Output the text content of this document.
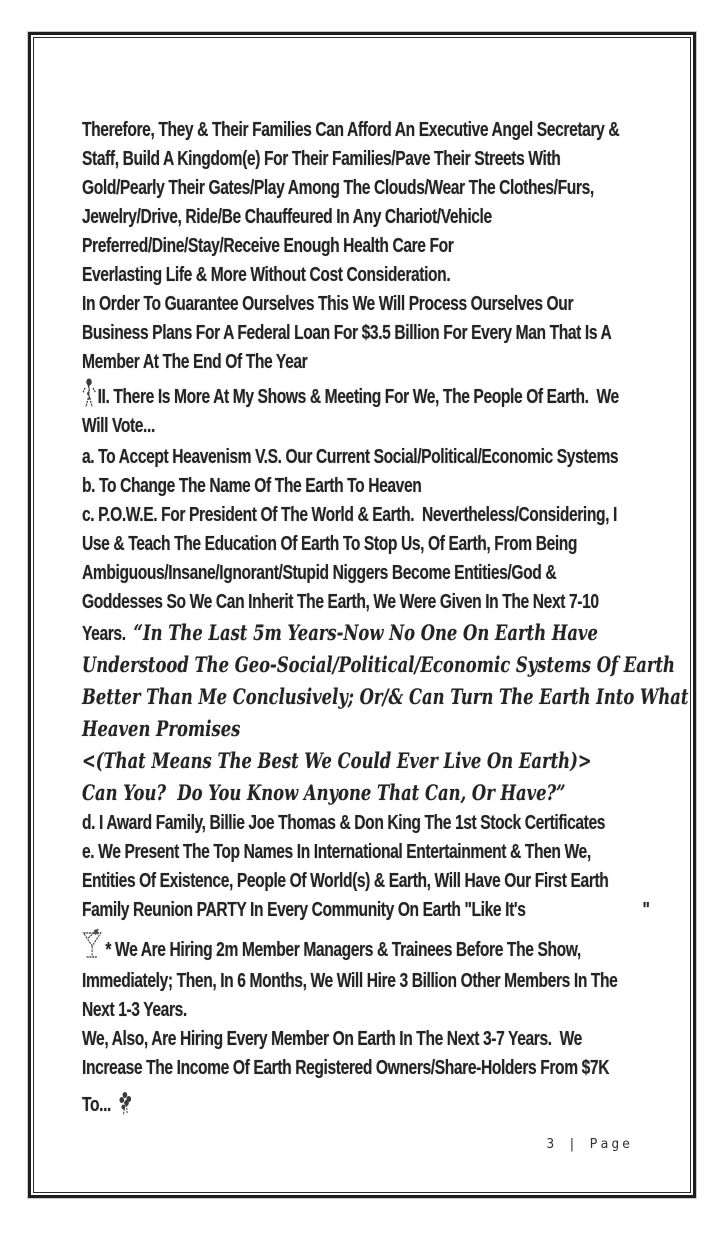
Therefore, They & Their Families Can Afford An Executive Angel Secretary &
Staff, Build A Kingdom(e) For Their Families/Pave Their Streets With
Gold/Pearly Their Gates/Play Among The Clouds/Wear The Clothes/Furs,
Jewelry/Drive, Ride/Be Chauffeured In Any Chariot/Vehicle
Preferred/Dine/Stay/Receive Enough Health Care For
Everlasting Life & More Without Cost Consideration.
In Order To Guarantee Ourselves This We Will Process Ourselves Our
Business Plans For A Federal Loan For $3.5 Billion For Every Man That Is A
Member At The End Of The Year
II. There Is More At My Shows & Meeting For We, The People Of Earth.  We
Will Vote...
a. To Accept Heavenism V.S. Our Current Social/Political/Economic Systems
b. To Change The Name Of The Earth To Heaven
c. P.O.W.E. For President Of The World & Earth.  Nevertheless/Considering, I
Use & Teach The Education Of Earth To Stop Us, Of Earth, From Being
Ambiguous/Insane/Ignorant/Stupid Niggers Become Entities/God &
Goddesses So We Can Inherit The Earth, We Were Given In The Next 7-10
Years.  “In The Last 5m Years-Now No One On Earth Have
Understood The Geo-Social/Political/Economic Systems Of Earth
Better Than Me Conclusively; Or/& Can Turn The Earth Into What
Heaven Promises
<(That Means The Best We Could Ever Live On Earth)>
Can You?  Do You Know Anyone That Can, Or Have?”
d. I Award Family, Billie Joe Thomas & Don King The 1st Stock Certificates
e. We Present The Top Names In International Entertainment & Then We,
Entities Of Existence, People Of World(s) & Earth, Will Have Our First Earth
Family Reunion PARTY In Every Community On Earth "Like It's	"
* We Are Hiring 2m Member Managers & Trainees Before The Show,
Immediately; Then, In 6 Months, We Will Hire 3 Billion Other Members In The
Next 1-3 Years.
We, Also, Are Hiring Every Member On Earth In The Next 3-7 Years.  We
Increase The Income Of Earth Registered Owners/Share-Holders From $7K
To...
3 | Page
